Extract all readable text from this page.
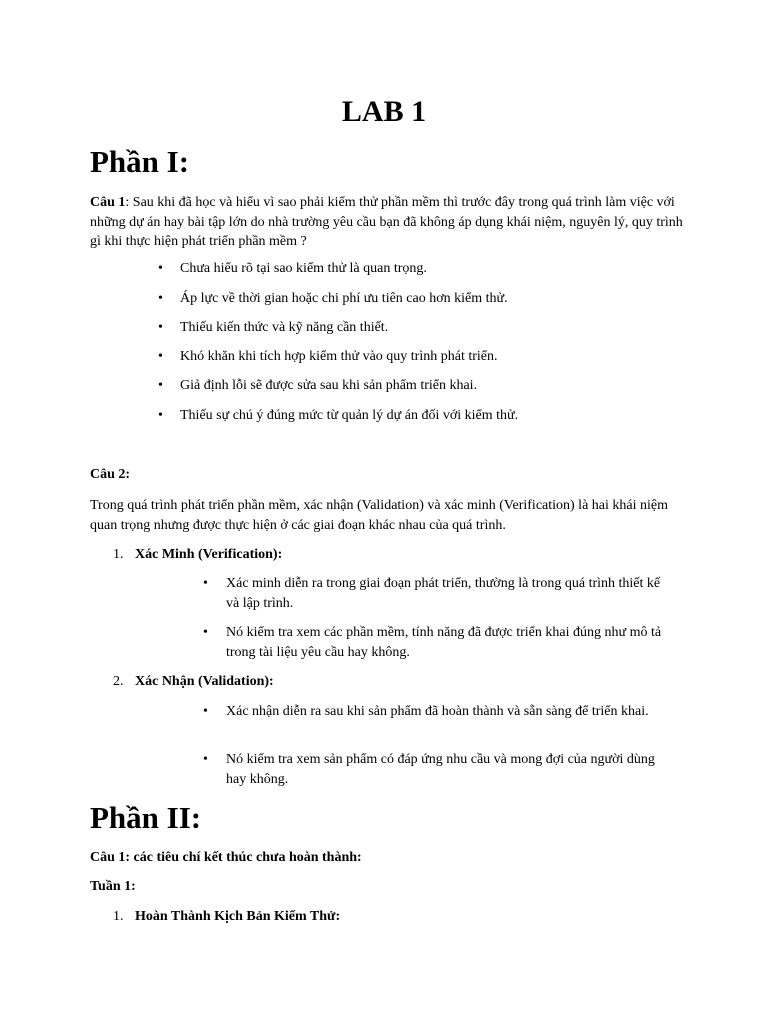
LAB 1
Phần I:

Câu 1: Sau khi đã học và hiểu vì sao phải kiểm thử phần mềm thì trước đây trong quá trình làm việc với những dự án hay bài tập lớn do nhà trường yêu cầu bạn đã không áp dụng khái niệm, nguyên lý, quy trình gì khi thực hiện phát triển phần mềm ?

• Chưa hiểu rõ tại sao kiểm thử là quan trọng.
• Áp lực về thời gian hoặc chi phí ưu tiên cao hơn kiểm thử.
• Thiếu kiến thức và kỹ năng cần thiết.
• Khó khăn khi tích hợp kiểm thử vào quy trình phát triển.
• Giả định lỗi sẽ được sửa sau khi sản phẩm triển khai.
• Thiếu sự chú ý đúng mức từ quản lý dự án đối với kiểm thử.

Câu 2:

Trong quá trình phát triển phần mềm, xác nhận (Validation) và xác minh (Verification) là hai khái niệm quan trọng nhưng được thực hiện ở các giai đoạn khác nhau của quá trình.

1. Xác Minh (Verification):
• Xác minh diễn ra trong giai đoạn phát triển, thường là trong quá trình thiết kế và lập trình.
• Nó kiểm tra xem các phần mềm, tính năng đã được triển khai đúng như mô tả trong tài liệu yêu cầu hay không.
2. Xác Nhận (Validation):
• Xác nhận diễn ra sau khi sản phẩm đã hoàn thành và sẵn sàng để triển khai.
• Nó kiểm tra xem sản phẩm có đáp ứng nhu cầu và mong đợi của người dùng hay không.
Phần II:

Câu 1: các tiêu chí kết thúc chưa hoàn thành:

Tuần 1:

1. Hoàn Thành Kịch Bản Kiểm Thử:
